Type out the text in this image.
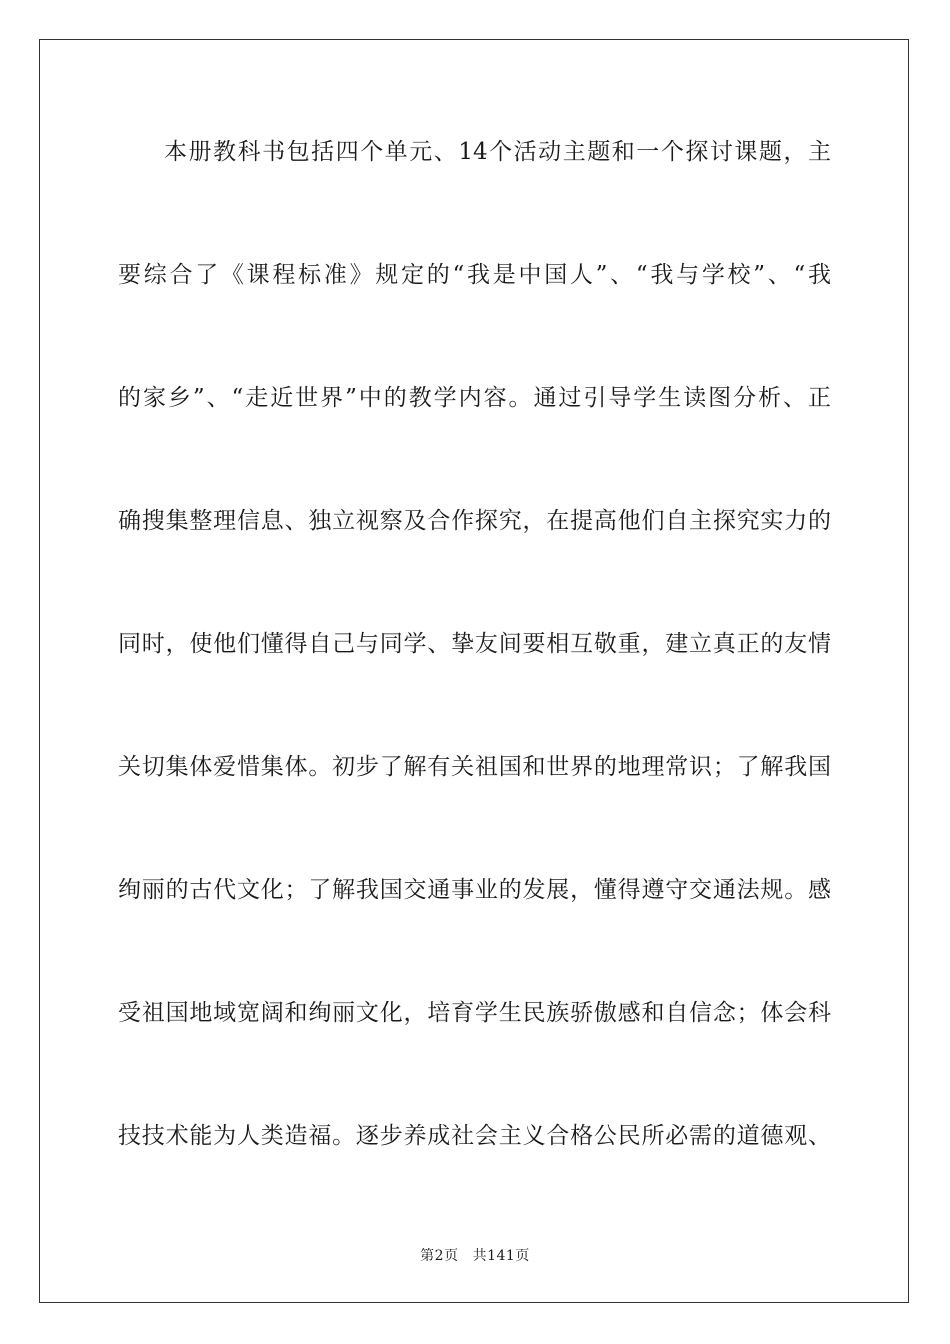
本册教科书包括四个单元、14个活动主题和一个探讨课题，主
要综合了《课程标准》规定的“我是中国人”、“我与学校”、“我
的家乡”、“走近世界”中的教学内容。通过引导学生读图分析、正
确搜集整理信息、独立视察及合作探究，在提高他们自主探究实力的
同时，使他们懂得自己与同学、挚友间要相互敬重，建立真正的友情
关切集体爱惜集体。初步了解有关祖国和世界的地理常识；了解我国
绚丽的古代文化；了解我国交通事业的发展，懂得遵守交通法规。感
受祖国地域宽阔和绚丽文化，培育学生民族骄傲感和自信念；体会科
技技术能为人类造福。逐步养成社会主义合格公民所必需的道德观、
第2页 共141页
